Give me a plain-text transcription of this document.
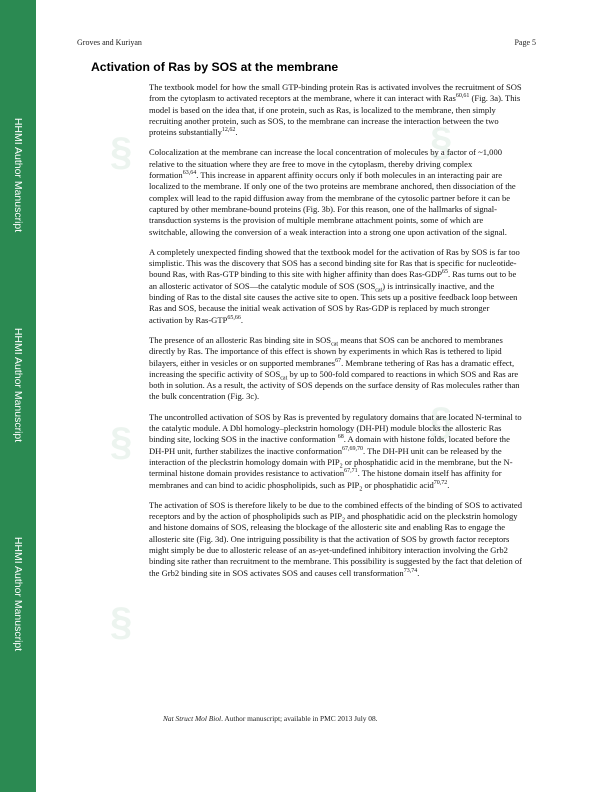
HHMI Author Manuscript
HHMI Author Manuscript
HHMI Author Manuscript
§
§
§
§
§
Groves and Kuriyan	Page 5
Activation of Ras by SOS at the membrane

The textbook model for how the small GTP-binding protein Ras is activated involves the recruitment of SOS from the cytoplasm to activated receptors at the membrane, where it can interact with Ras$^{60,61}$ (Fig. 3a). This model is based on the idea that, if one protein, such as Ras, is localized to the membrane, then simply recruiting another protein, such as SOS, to the membrane can increase the interaction between the two proteins substantially$^{12,62}$.

Colocalization at the membrane can increase the local concentration of molecules by a factor of ~1,000 relative to the situation where they are free to move in the cytoplasm, thereby driving complex formation$^{63,64}$. This increase in apparent affinity occurs only if both molecules in an interacting pair are localized to the membrane. If only one of the two proteins are membrane anchored, then dissociation of the complex will lead to the rapid diffusion away from the membrane of the cytosolic partner before it can be captured by other membrane-bound proteins (Fig. 3b). For this reason, one of the hallmarks of signal-transduction systems is the provision of multiple membrane attachment points, some of which are switchable, allowing the conversion of a weak interaction into a strong one upon activation of the signal.

A completely unexpected finding showed that the textbook model for the activation of Ras by SOS is far too simplistic. This was the discovery that SOS has a second binding site for Ras that is specific for nucleotide-bound Ras, with Ras-GTP binding to this site with higher affinity than does Ras-GDP$^{65}$. Ras turns out to be an allosteric activator of SOS—the catalytic module of SOS $(SOS_{cat})$ is intrinsically inactive, and the binding of Ras to the distal site causes the active site to open. This sets up a positive feedback loop between Ras and SOS, because the initial weak activation of SOS by Ras-GDP is replaced by much stronger activation by Ras-GTP$^{65,66}$.

The presence of an allosteric Ras binding site in $SOS_{cat}$ means that SOS can be anchored to membranes directly by Ras. The importance of this effect is shown by experiments in which Ras is tethered to lipid bilayers, either in vesicles or on supported membranes$^{67}$. Membrane tethering of Ras has a dramatic effect, increasing the specific activity of $SOS_{cat}$ by up to 500-fold compared to reactions in which SOS and Ras are both in solution. As a result, the activity of SOS depends on the surface density of Ras molecules rather than the bulk concentration (Fig. 3c).

The uncontrolled activation of SOS by Ras is prevented by regulatory domains that are located N-terminal to the catalytic module. A Dbl homology–pleckstrin homology (DH-PH) module blocks the allosteric Ras binding site, locking SOS in the inactive conformation $^{68}$. A domain with histone folds, located before the DH-PH unit, further stabilizes the inactive conformation$^{67,69,70}$. The DH-PH unit can be released by the interaction of the pleckstrin homology domain with $PIP_2$ or phosphatidic acid in the membrane, but the N-terminal histone domain provides resistance to activation$^{67,71}$. The histone domain itself has affinity for membranes and can bind to acidic phospholipids, such as $PIP_2$ or phosphatidic acid$^{70,72}$.

The activation of SOS is therefore likely to be due to the combined effects of the binding of SOS to activated receptors and by the action of phospholipids such as $PIP_2$ and phosphatidic acid on the pleckstrin homology and histone domains of SOS, releasing the blockage of the allosteric site and enabling Ras to engage the allosteric site (Fig. 3d). One intriguing possibility is that the activation of SOS by growth factor receptors might simply be due to allosteric release of an as-yet-undefined inhibitory interaction involving the Grb2 binding site rather than recruitment to the membrane. This possibility is suggested by the fact that deletion of the Grb2 binding site in SOS activates SOS and causes cell transformation$^{73,74}$.

Nat Struct Mol Biol. Author manuscript; available in PMC 2013 July 08.
